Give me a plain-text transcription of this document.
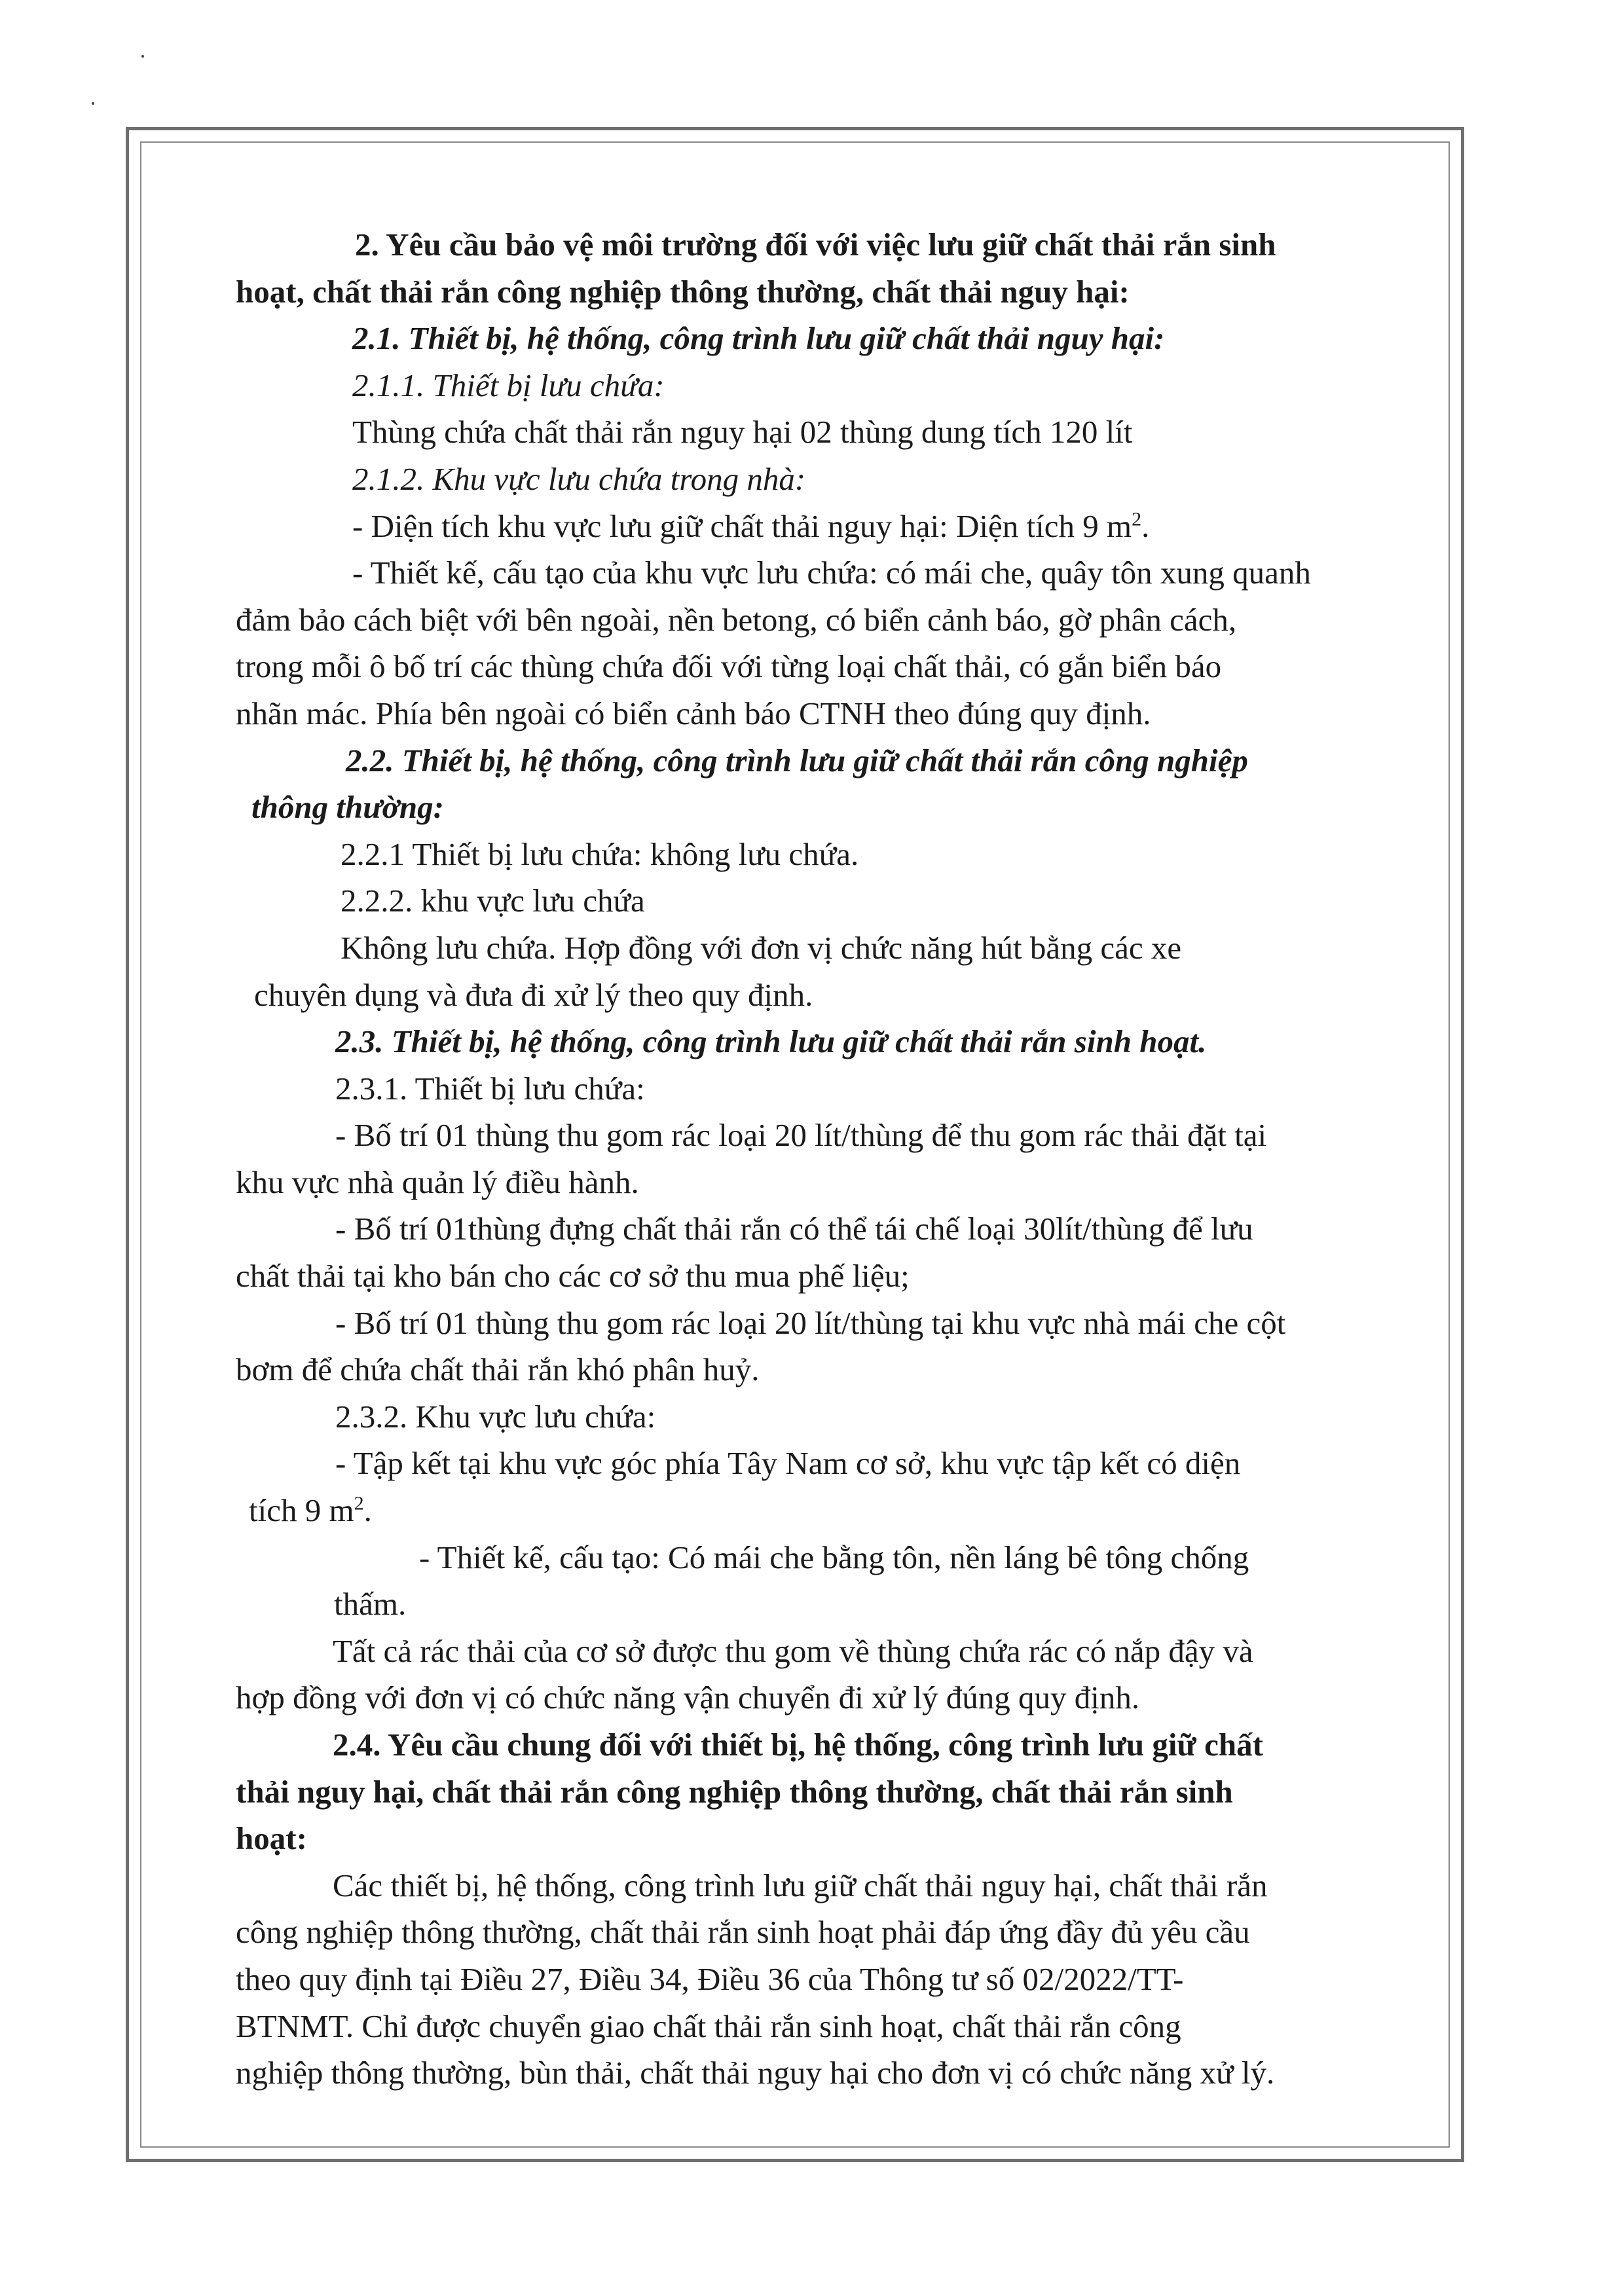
2. Yêu cầu bảo vệ môi trường đối với việc lưu giữ chất thải rắn sinh

hoạt, chất thải rắn công nghiệp thông thường, chất thải nguy hại:

2.1. Thiết bị, hệ thống, công trình lưu giữ chất thải nguy hại:

2.1.1. Thiết bị lưu chứa:

Thùng chứa chất thải rắn nguy hại 02 thùng dung tích 120 lít

2.1.2. Khu vực lưu chứa trong nhà:

- Diện tích khu vực lưu giữ chất thải nguy hại: Diện tích 9 $m^2$.

- Thiết kế, cấu tạo của khu vực lưu chứa: có mái che, quây tôn xung quanh

đảm bảo cách biệt với bên ngoài, nền betong, có biển cảnh báo, gờ phân cách,

trong mỗi ô bố trí các thùng chứa đối với từng loại chất thải, có gắn biển báo

nhãn mác. Phía bên ngoài có biển cảnh báo CTNH theo đúng quy định.

2.2. Thiết bị, hệ thống, công trình lưu giữ chất thải rắn công nghiệp

thông thường:

2.2.1 Thiết bị lưu chứa: không lưu chứa.

2.2.2. khu vực lưu chứa

Không lưu chứa. Hợp đồng với đơn vị chức năng hút bằng các xe

chuyên dụng và đưa đi xử lý theo quy định.

2.3. Thiết bị, hệ thống, công trình lưu giữ chất thải rắn sinh hoạt.

2.3.1. Thiết bị lưu chứa:

- Bố trí 01 thùng thu gom rác loại 20 lít/thùng để thu gom rác thải đặt tại

khu vực nhà quản lý điều hành.

- Bố trí 01thùng đựng chất thải rắn có thể tái chế loại 30lít/thùng để lưu

chất thải tại kho bán cho các cơ sở thu mua phế liệu;

- Bố trí 01 thùng thu gom rác loại 20 lít/thùng tại khu vực nhà mái che cột

bơm để chứa chất thải rắn khó phân huỷ.

2.3.2. Khu vực lưu chứa:

- Tập kết tại khu vực góc phía Tây Nam cơ sở, khu vực tập kết có diện

tích 9 $m^2$.

- Thiết kế, cấu tạo: Có mái che bằng tôn, nền láng bê tông chống

thấm.

Tất cả rác thải của cơ sở được thu gom về thùng chứa rác có nắp đậy và

hợp đồng với đơn vị có chức năng vận chuyển đi xử lý đúng quy định.

2.4. Yêu cầu chung đối với thiết bị, hệ thống, công trình lưu giữ chất

thải nguy hại, chất thải rắn công nghiệp thông thường, chất thải rắn sinh

hoạt:

Các thiết bị, hệ thống, công trình lưu giữ chất thải nguy hại, chất thải rắn

công nghiệp thông thường, chất thải rắn sinh hoạt phải đáp ứng đầy đủ yêu cầu

theo quy định tại Điều 27, Điều 34, Điều 36 của Thông tư số 02/2022/TT-

BTNMT. Chỉ được chuyển giao chất thải rắn sinh hoạt, chất thải rắn công

nghiệp thông thường, bùn thải, chất thải nguy hại cho đơn vị có chức năng xử lý.
